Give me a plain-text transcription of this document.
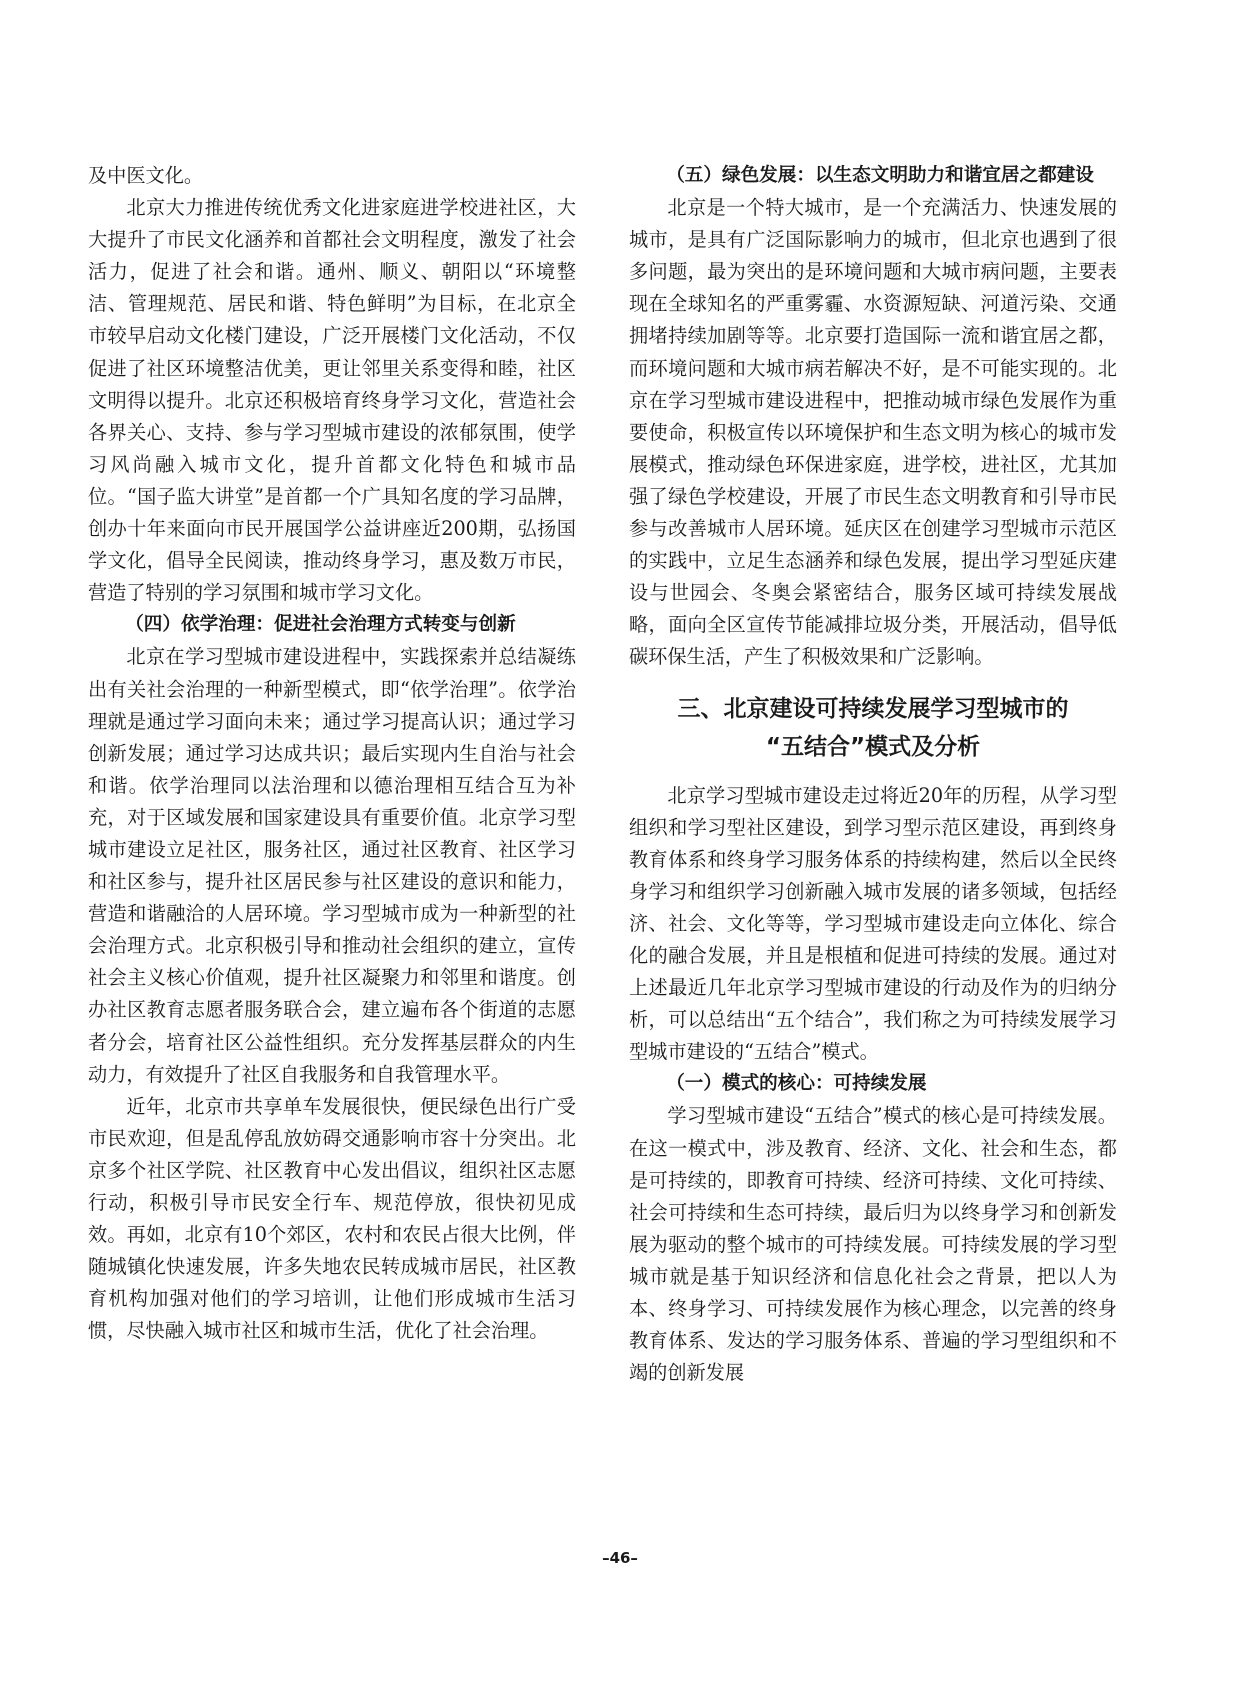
及中医文化。

北京大力推进传统优秀文化进家庭进学校进社区，大大提升了市民文化涵养和首都社会文明程度，激发了社会活力，促进了社会和谐。通州、顺义、朝阳以“环境整洁、管理规范、居民和谐、特色鲜明”为目标，在北京全市较早启动文化楼门建设，广泛开展楼门文化活动，不仅促进了社区环境整洁优美，更让邻里关系变得和睦，社区文明得以提升。北京还积极培育终身学习文化，营造社会各界关心、支持、参与学习型城市建设的浓郁氛围，使学习风尚融入城市文化，提升首都文化特色和城市品位。“国子监大讲堂”是首都一个广具知名度的学习品牌，创办十年来面向市民开展国学公益讲座近200期，弘扬国学文化，倡导全民阅读，推动终身学习，惠及数万市民，营造了特别的学习氛围和城市学习文化。

（四）依学治理：促进社会治理方式转变与创新

北京在学习型城市建设进程中，实践探索并总结凝练出有关社会治理的一种新型模式，即“依学治理”。依学治理就是通过学习面向未来；通过学习提高认识；通过学习创新发展；通过学习达成共识；最后实现内生自治与社会和谐。依学治理同以法治理和以德治理相互结合互为补充，对于区域发展和国家建设具有重要价值。北京学习型城市建设立足社区，服务社区，通过社区教育、社区学习和社区参与，提升社区居民参与社区建设的意识和能力，营造和谐融洽的人居环境。学习型城市成为一种新型的社会治理方式。北京积极引导和推动社会组织的建立，宣传社会主义核心价值观，提升社区凝聚力和邻里和谐度。创办社区教育志愿者服务联合会，建立遍布各个街道的志愿者分会，培育社区公益性组织。充分发挥基层群众的内生动力，有效提升了社区自我服务和自我管理水平。

近年，北京市共享单车发展很快，便民绿色出行广受市民欢迎，但是乱停乱放妨碍交通影响市容十分突出。北京多个社区学院、社区教育中心发出倡议，组织社区志愿行动，积极引导市民安全行车、规范停放，很快初见成效。再如，北京有10个郊区，农村和农民占很大比例，伴随城镇化快速发展，许多失地农民转成城市居民，社区教育机构加强对他们的学习培训，让他们形成城市生活习惯，尽快融入城市社区和城市生活，优化了社会治理。

（五）绿色发展：以生态文明助力和谐宜居之都建设

北京是一个特大城市，是一个充满活力、快速发展的城市，是具有广泛国际影响力的城市，但北京也遇到了很多问题，最为突出的是环境问题和大城市病问题，主要表现在全球知名的严重雾霾、水资源短缺、河道污染、交通拥堵持续加剧等等。北京要打造国际一流和谐宜居之都，而环境问题和大城市病若解决不好，是不可能实现的。北京在学习型城市建设进程中，把推动城市绿色发展作为重要使命，积极宣传以环境保护和生态文明为核心的城市发展模式，推动绿色环保进家庭，进学校，进社区，尤其加强了绿色学校建设，开展了市民生态文明教育和引导市民参与改善城市人居环境。延庆区在创建学习型城市示范区的实践中，立足生态涵养和绿色发展，提出学习型延庆建设与世园会、冬奥会紧密结合，服务区域可持续发展战略，面向全区宣传节能减排垃圾分类，开展活动，倡导低碳环保生活，产生了积极效果和广泛影响。

三、北京建设可持续发展学习型城市的
“五结合”模式及分析

北京学习型城市建设走过将近20年的历程，从学习型组织和学习型社区建设，到学习型示范区建设，再到终身教育体系和终身学习服务体系的持续构建，然后以全民终身学习和组织学习创新融入城市发展的诸多领域，包括经济、社会、文化等等，学习型城市建设走向立体化、综合化的融合发展，并且是根植和促进可持续的发展。通过对上述最近几年北京学习型城市建设的行动及作为的归纳分析，可以总结出“五个结合”，我们称之为可持续发展学习型城市建设的“五结合”模式。

（一）模式的核心：可持续发展

学习型城市建设“五结合”模式的核心是可持续发展。在这一模式中，涉及教育、经济、文化、社会和生态，都是可持续的，即教育可持续、经济可持续、文化可持续、社会可持续和生态可持续，最后归为以终身学习和创新发展为驱动的整个城市的可持续发展。可持续发展的学习型城市就是基于知识经济和信息化社会之背景，把以人为本、终身学习、可持续发展作为核心理念，以完善的终身教育体系、发达的学习服务体系、普遍的学习型组织和不竭的创新发展

–46–
